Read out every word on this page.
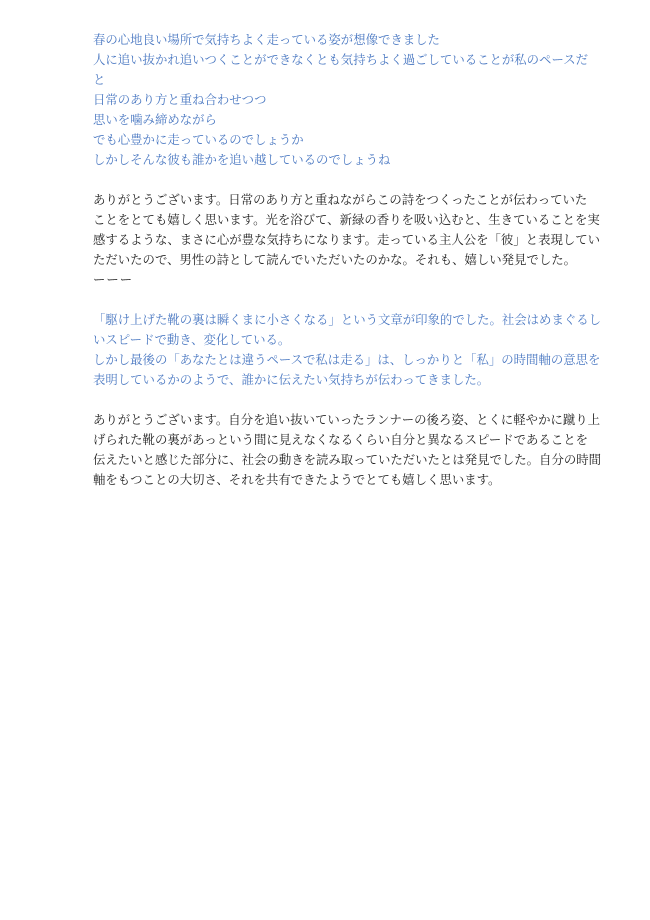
春の心地良い場所で気持ちよく走っている姿が想像できました
人に追い抜かれ追いつくことができなくとも気持ちよく過ごしていることが私のペースだ
と
日常のあり方と重ね合わせつつ
思いを噛み締めながら
でも心豊かに走っているのでしょうか
しかしそんな彼も誰かを追い越しているのでしょうね
ありがとうございます。日常のあり方と重ねながらこの詩をつくったことが伝わっていた
ことをとても嬉しく思います。光を浴びて、新緑の香りを吸い込むと、生きていることを実
感するような、まさに心が豊な気持ちになります。走っている主人公を「彼」と表現してい
ただいたので、男性の詩として読んでいただいたのかな。それも、嬉しい発見でした。
ーーー
「駆け上げた靴の裏は瞬くまに小さくなる」という文章が印象的でした。社会はめまぐるし
いスピードで動き、変化している。
しかし最後の「あなたとは違うペースで私は走る」は、しっかりと「私」の時間軸の意思を
表明しているかのようで、誰かに伝えたい気持ちが伝わってきました。
ありがとうございます。自分を追い抜いていったランナーの後ろ姿、とくに軽やかに蹴り上
げられた靴の裏があっという間に見えなくなるくらい自分と異なるスピードであることを
伝えたいと感じた部分に、社会の動きを読み取っていただいたとは発見でした。自分の時間
軸をもつことの大切さ、それを共有できたようでとても嬉しく思います。
